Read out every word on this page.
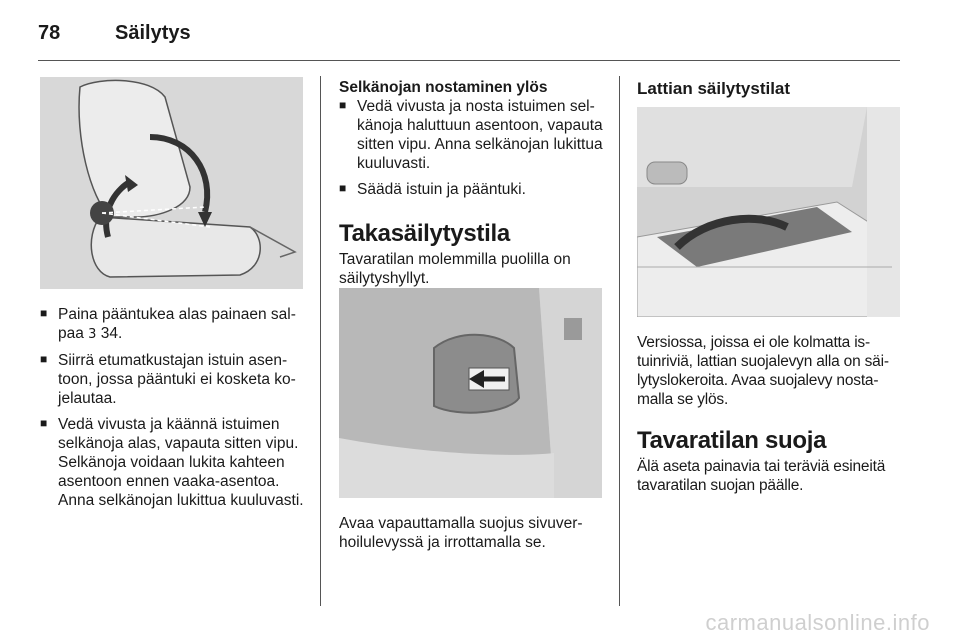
78	Säilytys
■ Paina pääntukea alas painaen salpaa 3 34.
■ Siirrä etumatkustajan istuin asentoon, jossa pääntuki ei kosketa kojelautaa.
■ Vedä vivusta ja käännä istuimen selkänoja alas, vapauta sitten vipu. Selkänoja voidaan lukita kahteen asentoon ennen vaaka-asentoa. Anna selkänojan lukittua kuuluvasti.

Selkänojan nostaminen ylös

■ Vedä vivusta ja nosta istuimen selkänoja haluttuun asentoon, vapauta sitten vipu. Anna selkänojan lukittua kuuluvasti.
■ Säädä istuin ja pääntuki.
Takasäilytystila

Tavaratilan molemmilla puolilla on säilytyshyllyt.

Avaa vapauttamalla suojus sivuverhoilulevyssä ja irrottamalla se.

Lattian säilytystilat

Versiossa, joissa ei ole kolmatta istuinriviä, lattian suojalevyn alla on säilytyslokeroita. Avaa suojalevy nostamalla se ylös.

Tavaratilan suoja

Älä aseta painavia tai teräviä esineitä tavaratilan suojan päälle.

carmanualsonline.info
